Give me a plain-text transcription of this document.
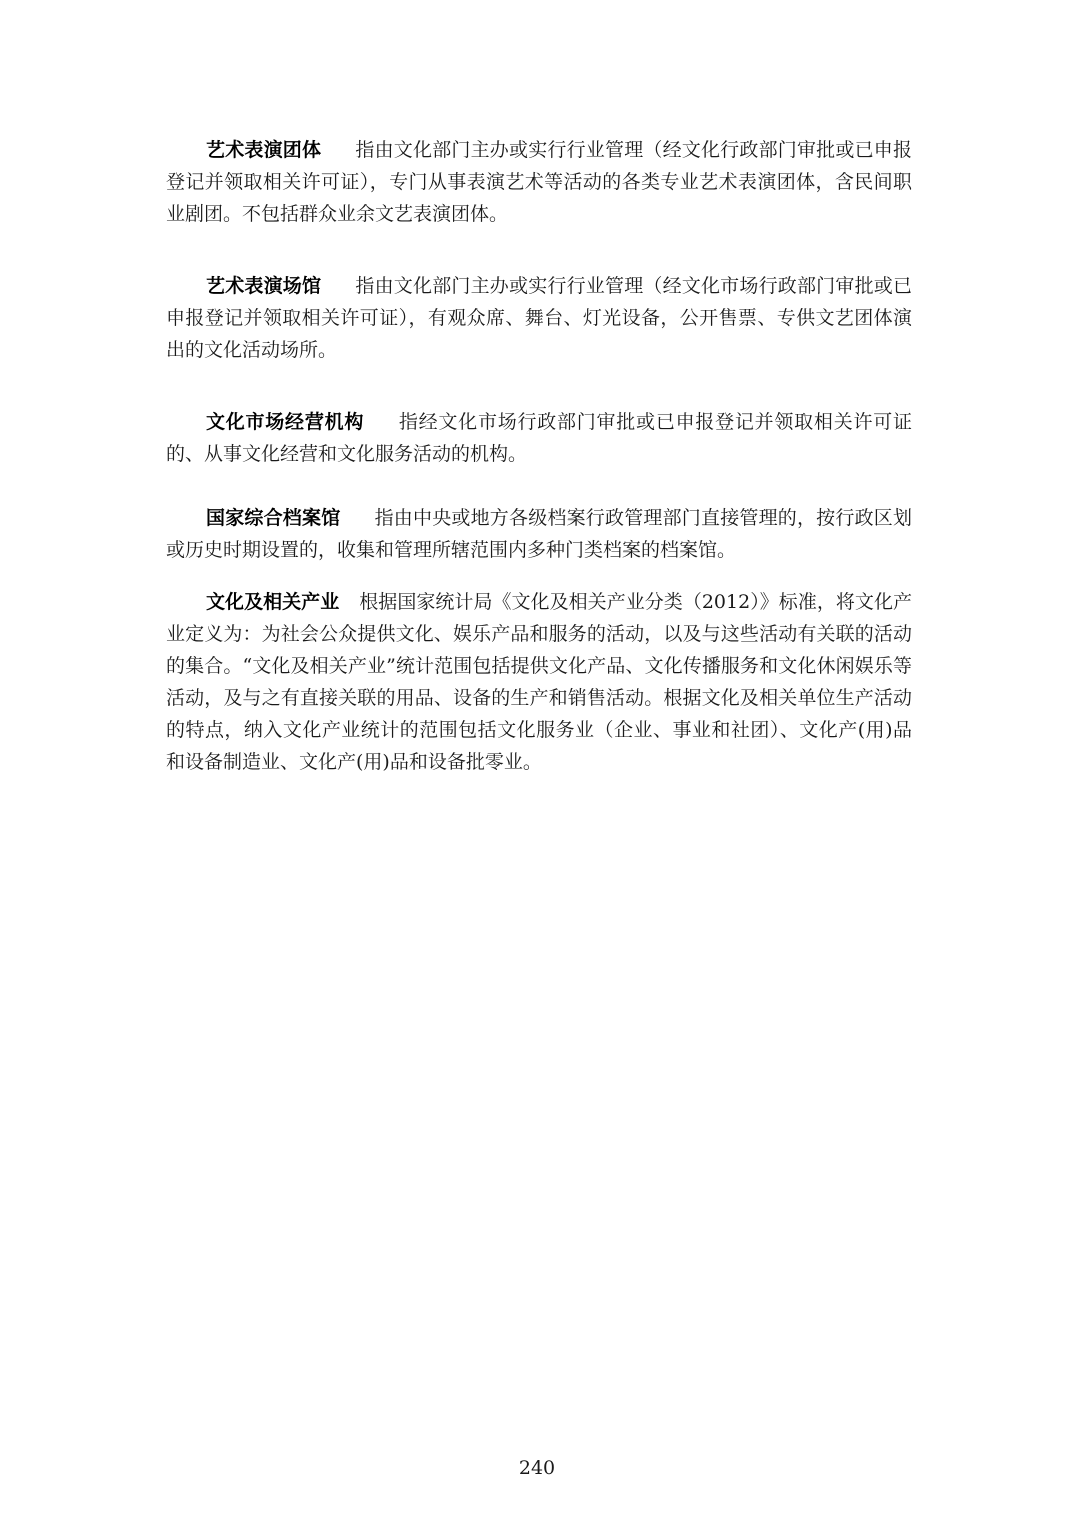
艺术表演团体 指由文化部门主办或实行行业管理（经文化行政部门审批或已申报登记并领取相关许可证），专门从事表演艺术等活动的各类专业艺术表演团体，含民间职业剧团。不包括群众业余文艺表演团体。

艺术表演场馆 指由文化部门主办或实行行业管理（经文化市场行政部门审批或已申报登记并领取相关许可证），有观众席、舞台、灯光设备，公开售票、专供文艺团体演出的文化活动场所。

文化市场经营机构 指经文化市场行政部门审批或已申报登记并领取相关许可证的、从事文化经营和文化服务活动的机构。

国家综合档案馆 指由中央或地方各级档案行政管理部门直接管理的，按行政区划或历史时期设置的，收集和管理所辖范围内多种门类档案的档案馆。

文化及相关产业 根据国家统计局《文化及相关产业分类（2012）》标准，将文化产业定义为：为社会公众提供文化、娱乐产品和服务的活动，以及与这些活动有关联的活动的集合。“文化及相关产业”统计范围包括提供文化产品、文化传播服务和文化休闲娱乐等活动，及与之有直接关联的用品、设备的生产和销售活动。根据文化及相关单位生产活动的特点，纳入文化产业统计的范围包括文化服务业（企业、事业和社团）、文化产(用)品和设备制造业、文化产(用)品和设备批零业。

240
